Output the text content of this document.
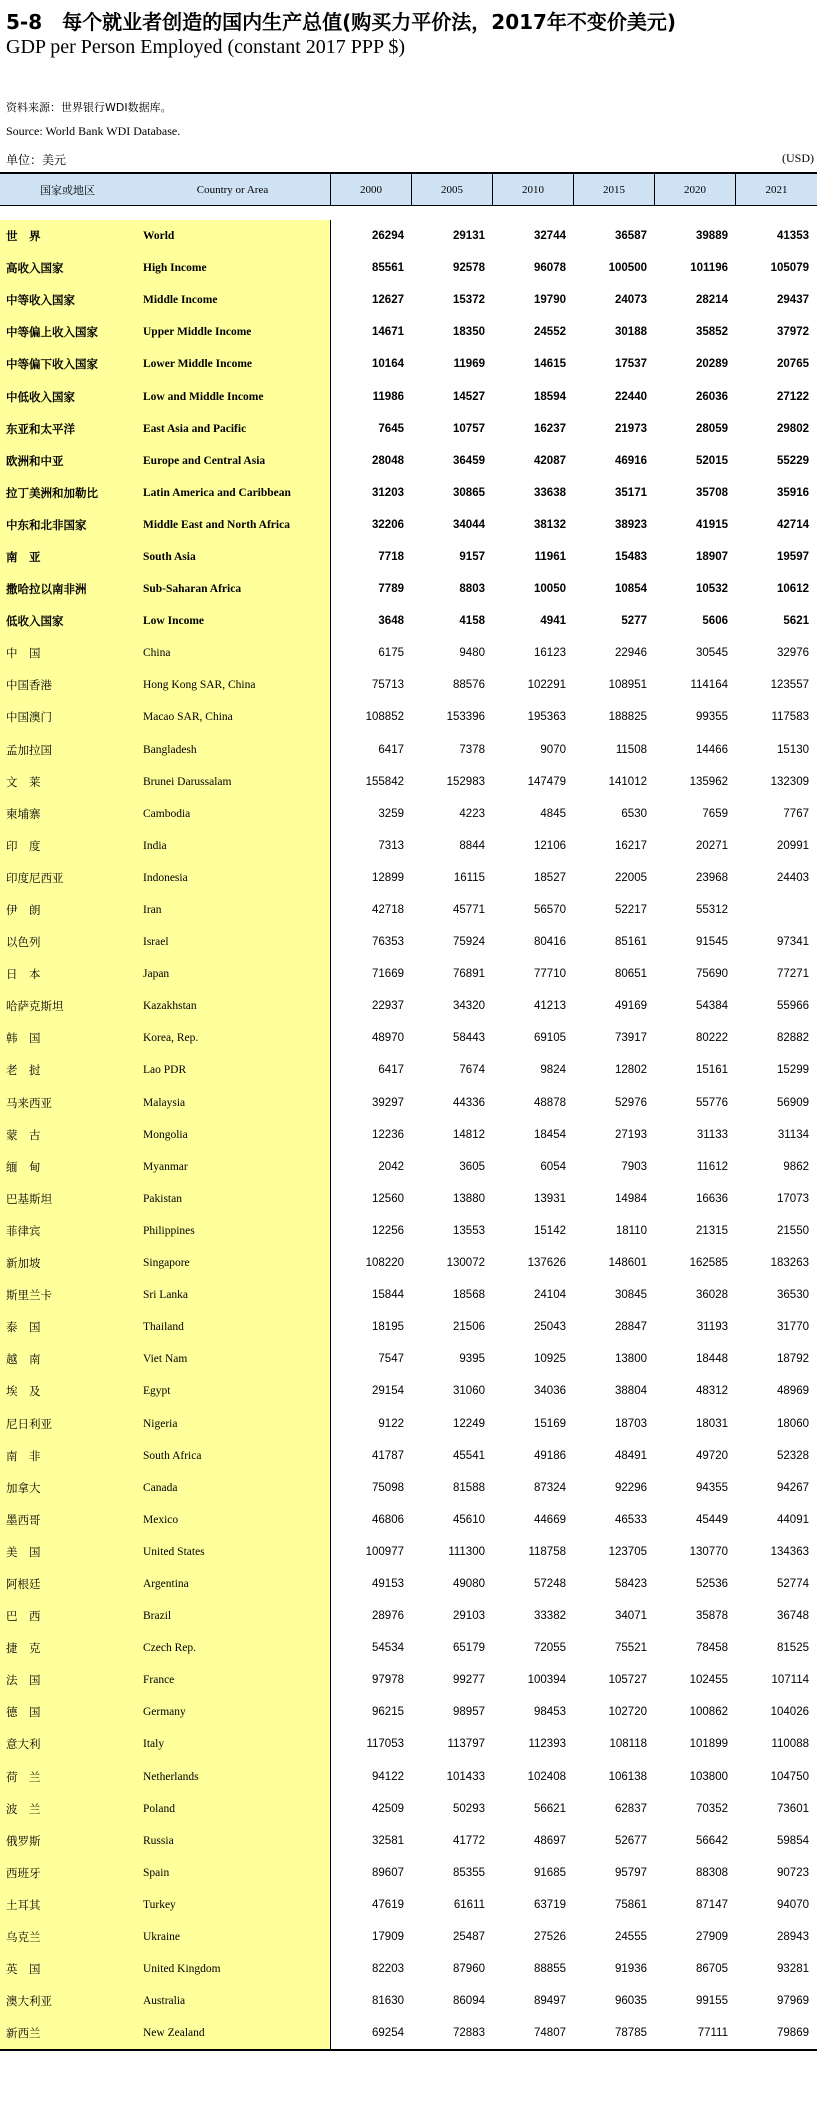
5-8　每个就业者创造的国内生产总值(购买力平价法，2017年不变价美元)
GDP per Person Employed (constant 2017 PPP $)
资料来源：世界银行WDI数据库。
Source: World Bank WDI Database.
单位：美元	(USD)
国家或地区	Country or Area	2000	2005	2010	2015	2020	2021
世　界	World	26294	29131	32744	36587	39889	41353
高收入国家	High Income	85561	92578	96078	100500	101196	105079
中等收入国家	Middle Income	12627	15372	19790	24073	28214	29437
中等偏上收入国家	Upper Middle Income	14671	18350	24552	30188	35852	37972
中等偏下收入国家	Lower Middle Income	10164	11969	14615	17537	20289	20765
中低收入国家	Low and Middle Income	11986	14527	18594	22440	26036	27122
东亚和太平洋	East Asia and Pacific	7645	10757	16237	21973	28059	29802
欧洲和中亚	Europe and Central Asia	28048	36459	42087	46916	52015	55229
拉丁美洲和加勒比	Latin America and Caribbean	31203	30865	33638	35171	35708	35916
中东和北非国家	Middle East and North Africa	32206	34044	38132	38923	41915	42714
南　亚	South Asia	7718	9157	11961	15483	18907	19597
撒哈拉以南非洲	Sub-Saharan Africa	7789	8803	10050	10854	10532	10612
低收入国家	Low Income	3648	4158	4941	5277	5606	5621
中　国	China	6175	9480	16123	22946	30545	32976
中国香港	Hong Kong SAR, China	75713	88576	102291	108951	114164	123557
中国澳门	Macao SAR, China	108852	153396	195363	188825	99355	117583
孟加拉国	Bangladesh	6417	7378	9070	11508	14466	15130
文　莱	Brunei Darussalam	155842	152983	147479	141012	135962	132309
柬埔寨	Cambodia	3259	4223	4845	6530	7659	7767
印　度	India	7313	8844	12106	16217	20271	20991
印度尼西亚	Indonesia	12899	16115	18527	22005	23968	24403
伊　朗	Iran	42718	45771	56570	52217	55312
以色列	Israel	76353	75924	80416	85161	91545	97341
日　本	Japan	71669	76891	77710	80651	75690	77271
哈萨克斯坦	Kazakhstan	22937	34320	41213	49169	54384	55966
韩　国	Korea, Rep.	48970	58443	69105	73917	80222	82882
老　挝	Lao PDR	6417	7674	9824	12802	15161	15299
马来西亚	Malaysia	39297	44336	48878	52976	55776	56909
蒙　古	Mongolia	12236	14812	18454	27193	31133	31134
缅　甸	Myanmar	2042	3605	6054	7903	11612	9862
巴基斯坦	Pakistan	12560	13880	13931	14984	16636	17073
菲律宾	Philippines	12256	13553	15142	18110	21315	21550
新加坡	Singapore	108220	130072	137626	148601	162585	183263
斯里兰卡	Sri Lanka	15844	18568	24104	30845	36028	36530
泰　国	Thailand	18195	21506	25043	28847	31193	31770
越　南	Viet Nam	7547	9395	10925	13800	18448	18792
埃　及	Egypt	29154	31060	34036	38804	48312	48969
尼日利亚	Nigeria	9122	12249	15169	18703	18031	18060
南　非	South Africa	41787	45541	49186	48491	49720	52328
加拿大	Canada	75098	81588	87324	92296	94355	94267
墨西哥	Mexico	46806	45610	44669	46533	45449	44091
美　国	United States	100977	111300	118758	123705	130770	134363
阿根廷	Argentina	49153	49080	57248	58423	52536	52774
巴　西	Brazil	28976	29103	33382	34071	35878	36748
捷　克	Czech Rep.	54534	65179	72055	75521	78458	81525
法　国	France	97978	99277	100394	105727	102455	107114
德　国	Germany	96215	98957	98453	102720	100862	104026
意大利	Italy	117053	113797	112393	108118	101899	110088
荷　兰	Netherlands	94122	101433	102408	106138	103800	104750
波　兰	Poland	42509	50293	56621	62837	70352	73601
俄罗斯	Russia	32581	41772	48697	52677	56642	59854
西班牙	Spain	89607	85355	91685	95797	88308	90723
土耳其	Turkey	47619	61611	63719	75861	87147	94070
乌克兰	Ukraine	17909	25487	27526	24555	27909	28943
英　国	United Kingdom	82203	87960	88855	91936	86705	93281
澳大利亚	Australia	81630	86094	89497	96035	99155	97969
新西兰	New Zealand	69254	72883	74807	78785	77111	79869
